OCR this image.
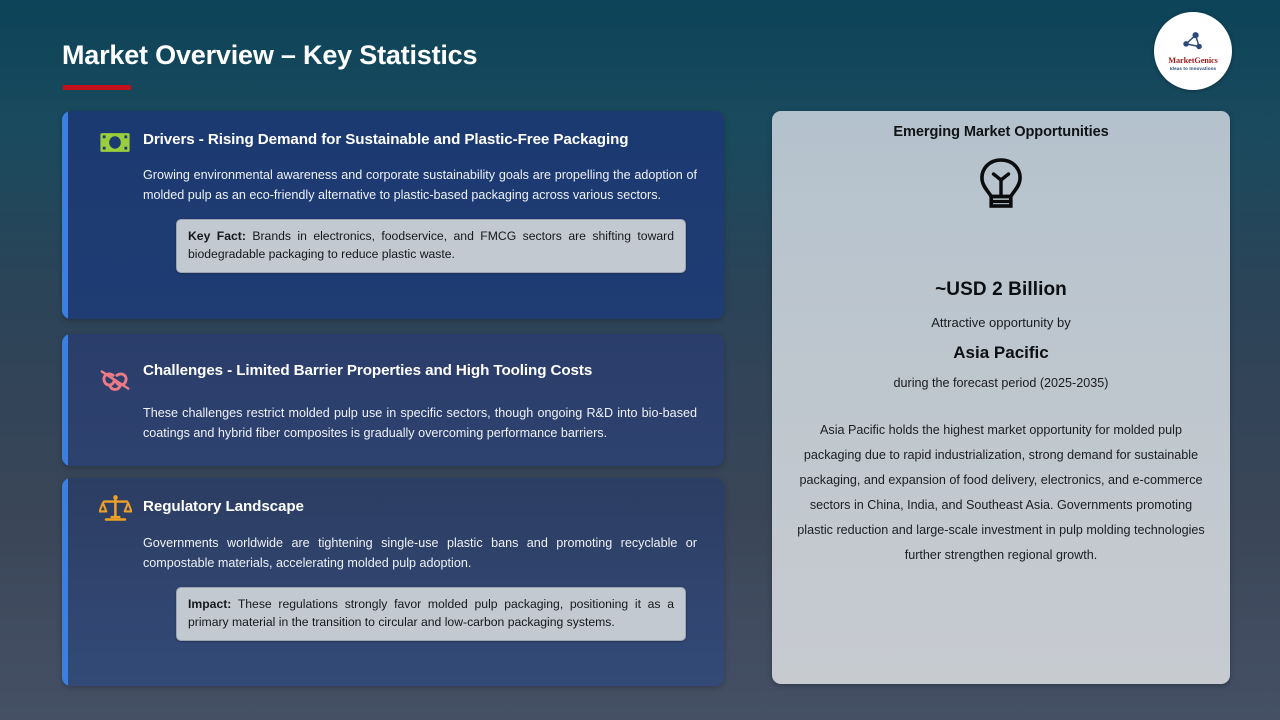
Market Overview – Key Statistics	MarketGenics
Ideas to Innovations
Drivers - Rising Demand for Sustainable and Plastic-Free Packaging
Growing environmental awareness and corporate sustainability goals are propelling the adoption of molded pulp as an eco-friendly alternative to plastic-based packaging across various sectors.
Key Fact: Brands in electronics, foodservice, and FMCG sectors are shifting toward biodegradable packaging to reduce plastic waste.
Challenges - Limited Barrier Properties and High Tooling Costs
These challenges restrict molded pulp use in specific sectors, though ongoing R&D into bio-based coatings and hybrid fiber composites is gradually overcoming performance barriers.
Regulatory Landscape
Governments worldwide are tightening single-use plastic bans and promoting recyclable or compostable materials, accelerating molded pulp adoption.
Impact: These regulations strongly favor molded pulp packaging, positioning it as a primary material in the transition to circular and low-carbon packaging systems.
Emerging Market Opportunities
~USD 2 Billion
Attractive opportunity by
Asia Pacific
during the forecast period (2025-2035)
Asia Pacific holds the highest market opportunity for molded pulp packaging due to rapid industrialization, strong demand for sustainable packaging, and expansion of food delivery, electronics, and e-commerce sectors in China, India, and Southeast Asia. Governments promoting plastic reduction and large-scale investment in pulp molding technologies further strengthen regional growth.
